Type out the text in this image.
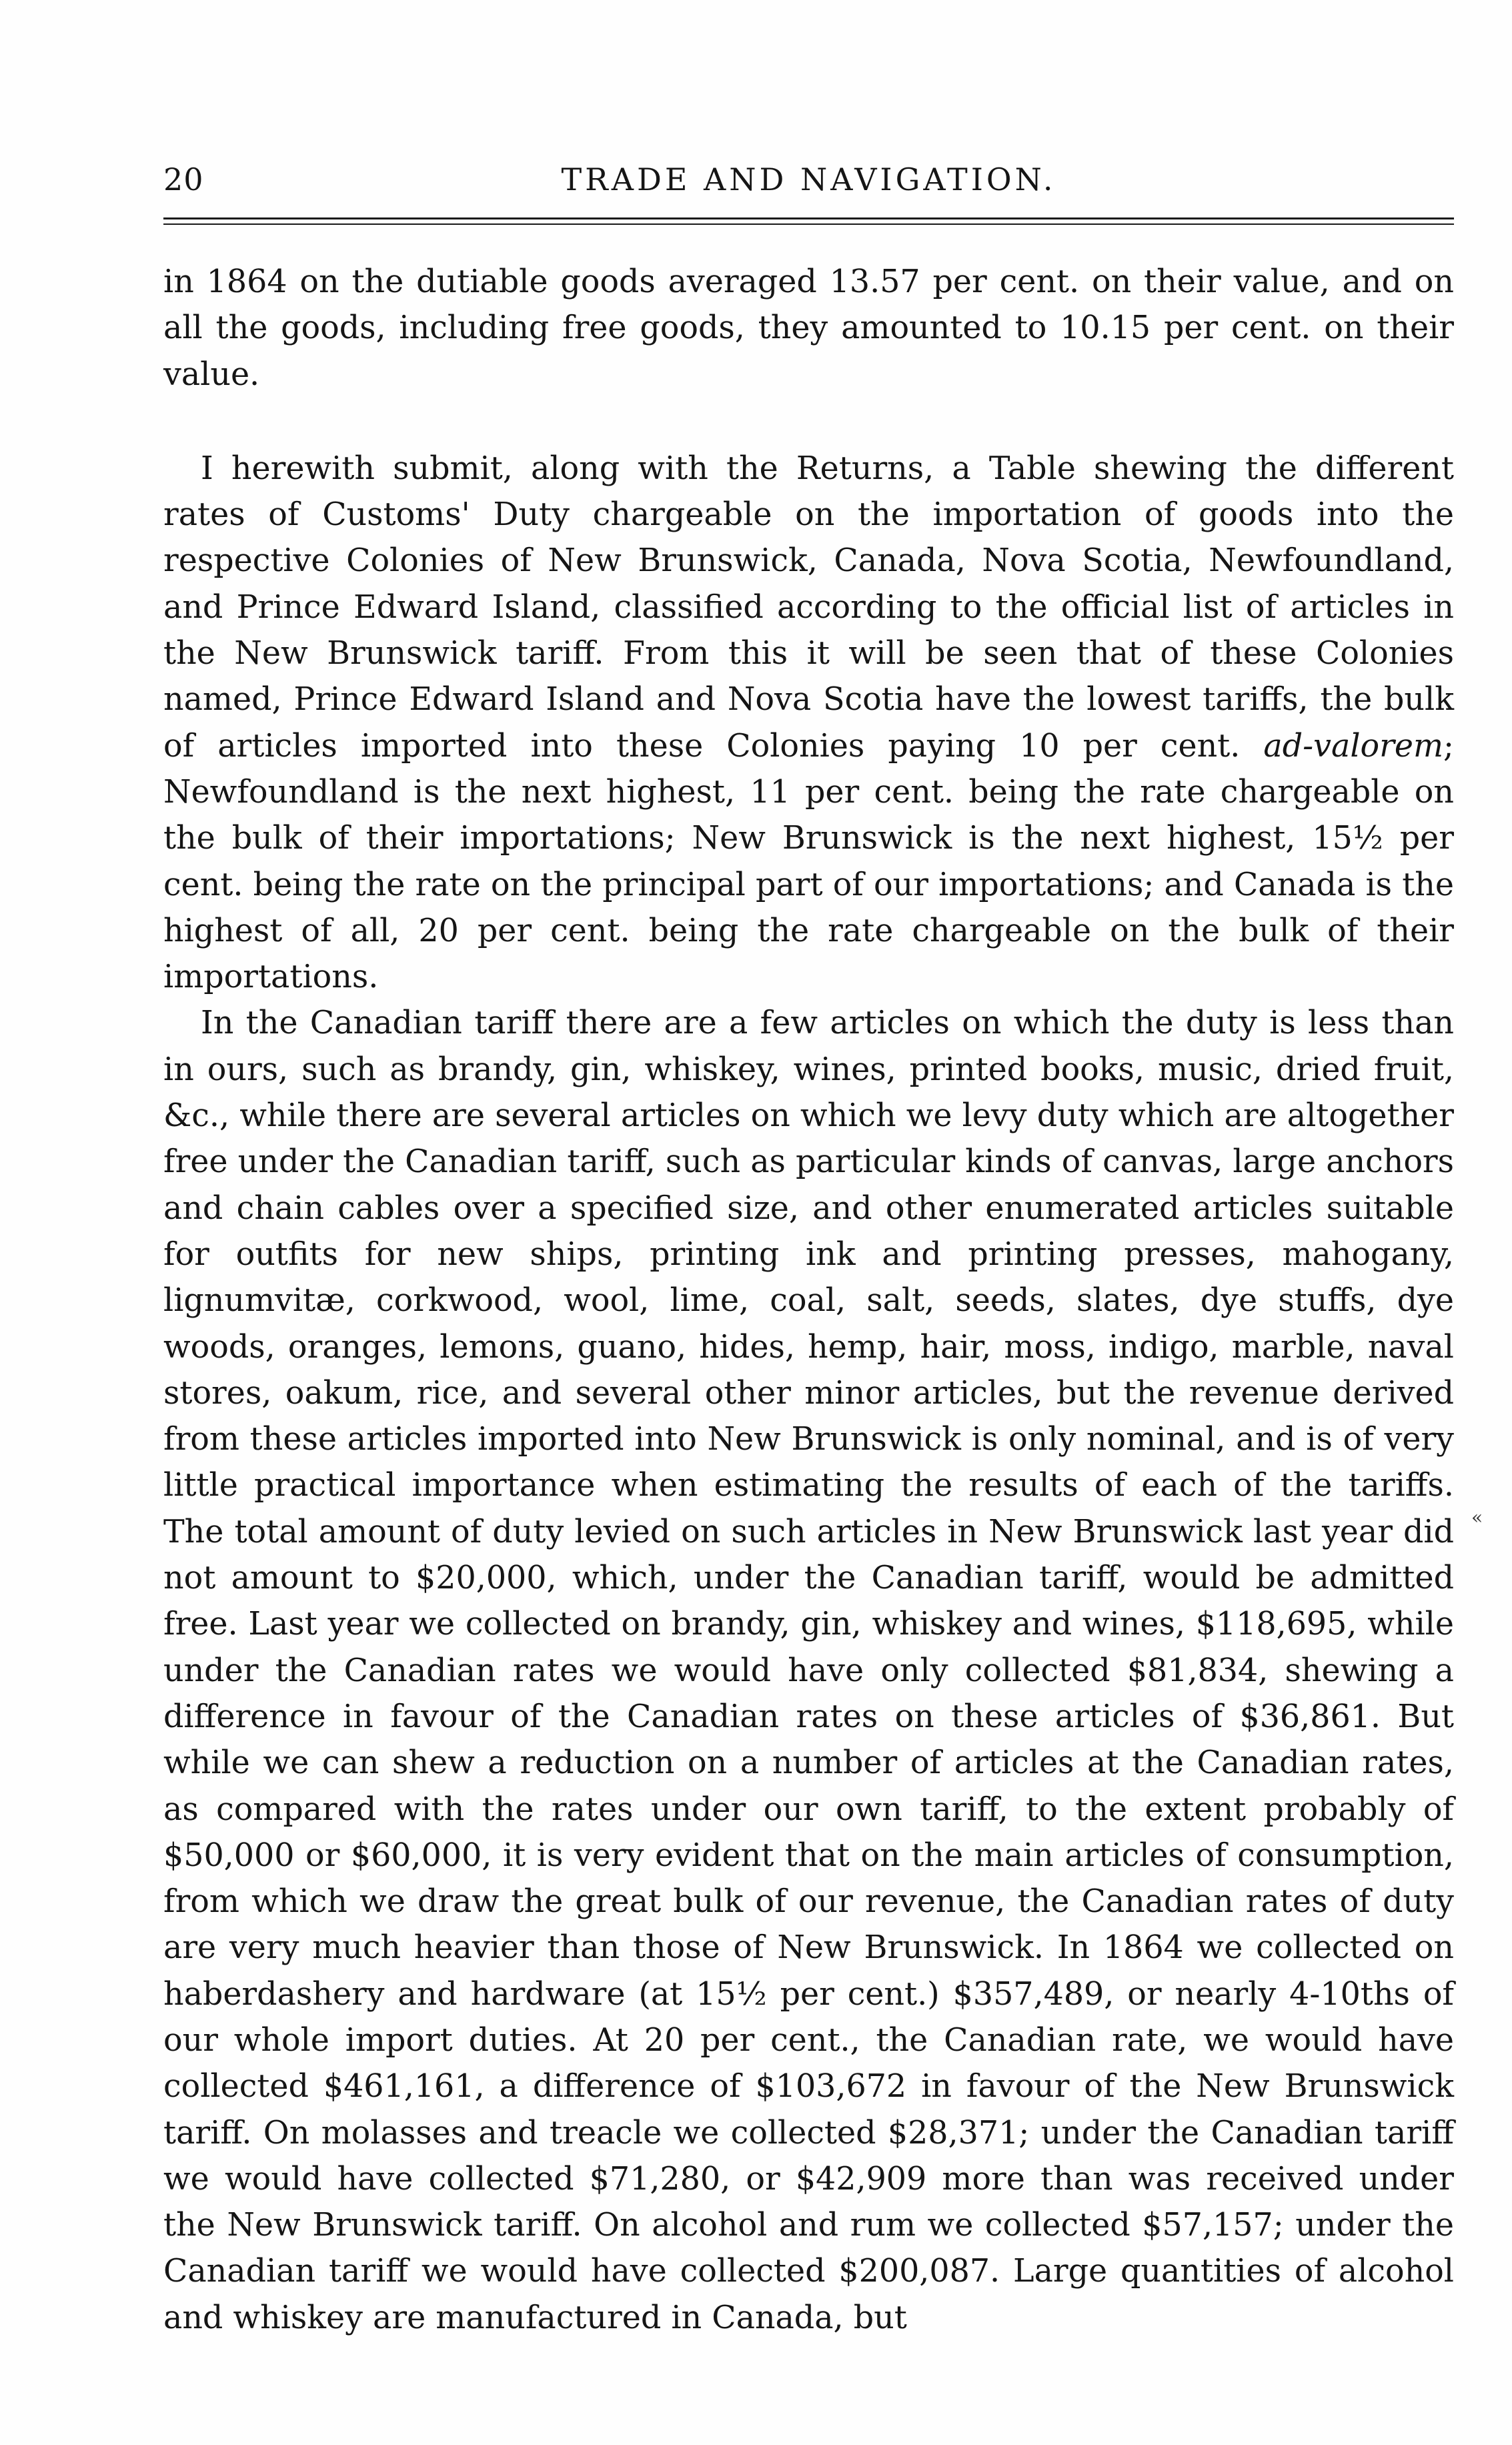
20	TRADE AND NAVIGATION.

in 1864 on the dutiable goods averaged 13.57 per cent. on their value, and on all the goods, including free goods, they amounted to 10.15 per cent. on their value.

I herewith submit, along with the Returns, a Table shewing the different rates of Customs' Duty chargeable on the importation of goods into the respective Colonies of New Brunswick, Canada, Nova Scotia, Newfoundland, and Prince Edward Island, classified according to the official list of articles in the New Brunswick tariff. From this it will be seen that of these Colonies named, Prince Edward Island and Nova Scotia have the lowest tariffs, the bulk of articles imported into these Colonies paying 10 per cent. ad-valorem; Newfoundland is the next highest, 11 per cent. being the rate chargeable on the bulk of their importations; New Brunswick is the next highest, 15½ per cent. being the rate on the principal part of our importations; and Canada is the highest of all, 20 per cent. being the rate chargeable on the bulk of their importations.

In the Canadian tariff there are a few articles on which the duty is less than in ours, such as brandy, gin, whiskey, wines, printed books, music, dried fruit, &c., while there are several articles on which we levy duty which are altogether free under the Canadian tariff, such as particular kinds of canvas, large anchors and chain cables over a specified size, and other enumerated articles suitable for outfits for new ships, printing ink and printing presses, mahogany, lignumvitæ, corkwood, wool, lime, coal, salt, seeds, slates, dye stuffs, dye woods, oranges, lemons, guano, hides, hemp, hair, moss, indigo, marble, naval stores, oakum, rice, and several other minor articles, but the revenue derived from these articles imported into New Brunswick is only nominal, and is of very little practical importance when estimating the results of each of the tariffs. The total amount of duty levied on such articles in New Brunswick last year did not amount to $20,000, which, under the Canadian tariff, would be admitted free. Last year we collected on brandy, gin, whiskey and wines, $118,695, while under the Canadian rates we would have only collected $81,834, shewing a difference in favour of the Canadian rates on these articles of $36,861. But while we can shew a reduction on a number of articles at the Canadian rates, as compared with the rates under our own tariff, to the extent probably of $50,000 or $60,000, it is very evident that on the main articles of consumption, from which we draw the great bulk of our revenue, the Canadian rates of duty are very much heavier than those of New Brunswick. In 1864 we collected on haberdashery and hardware (at 15½ per cent.) $357,489, or nearly 4-10ths of our whole import duties. At 20 per cent., the Canadian rate, we would have collected $461,161, a difference of $103,672 in favour of the New Brunswick tariff. On molasses and treacle we collected $28,371; under the Canadian tariff we would have collected $71,280, or $42,909 more than was received under the New Brunswick tariff. On alcohol and rum we collected $57,157; under the Canadian tariff we would have collected $200,087. Large quantities of alcohol and whiskey are manufactured in Canada, but

«
